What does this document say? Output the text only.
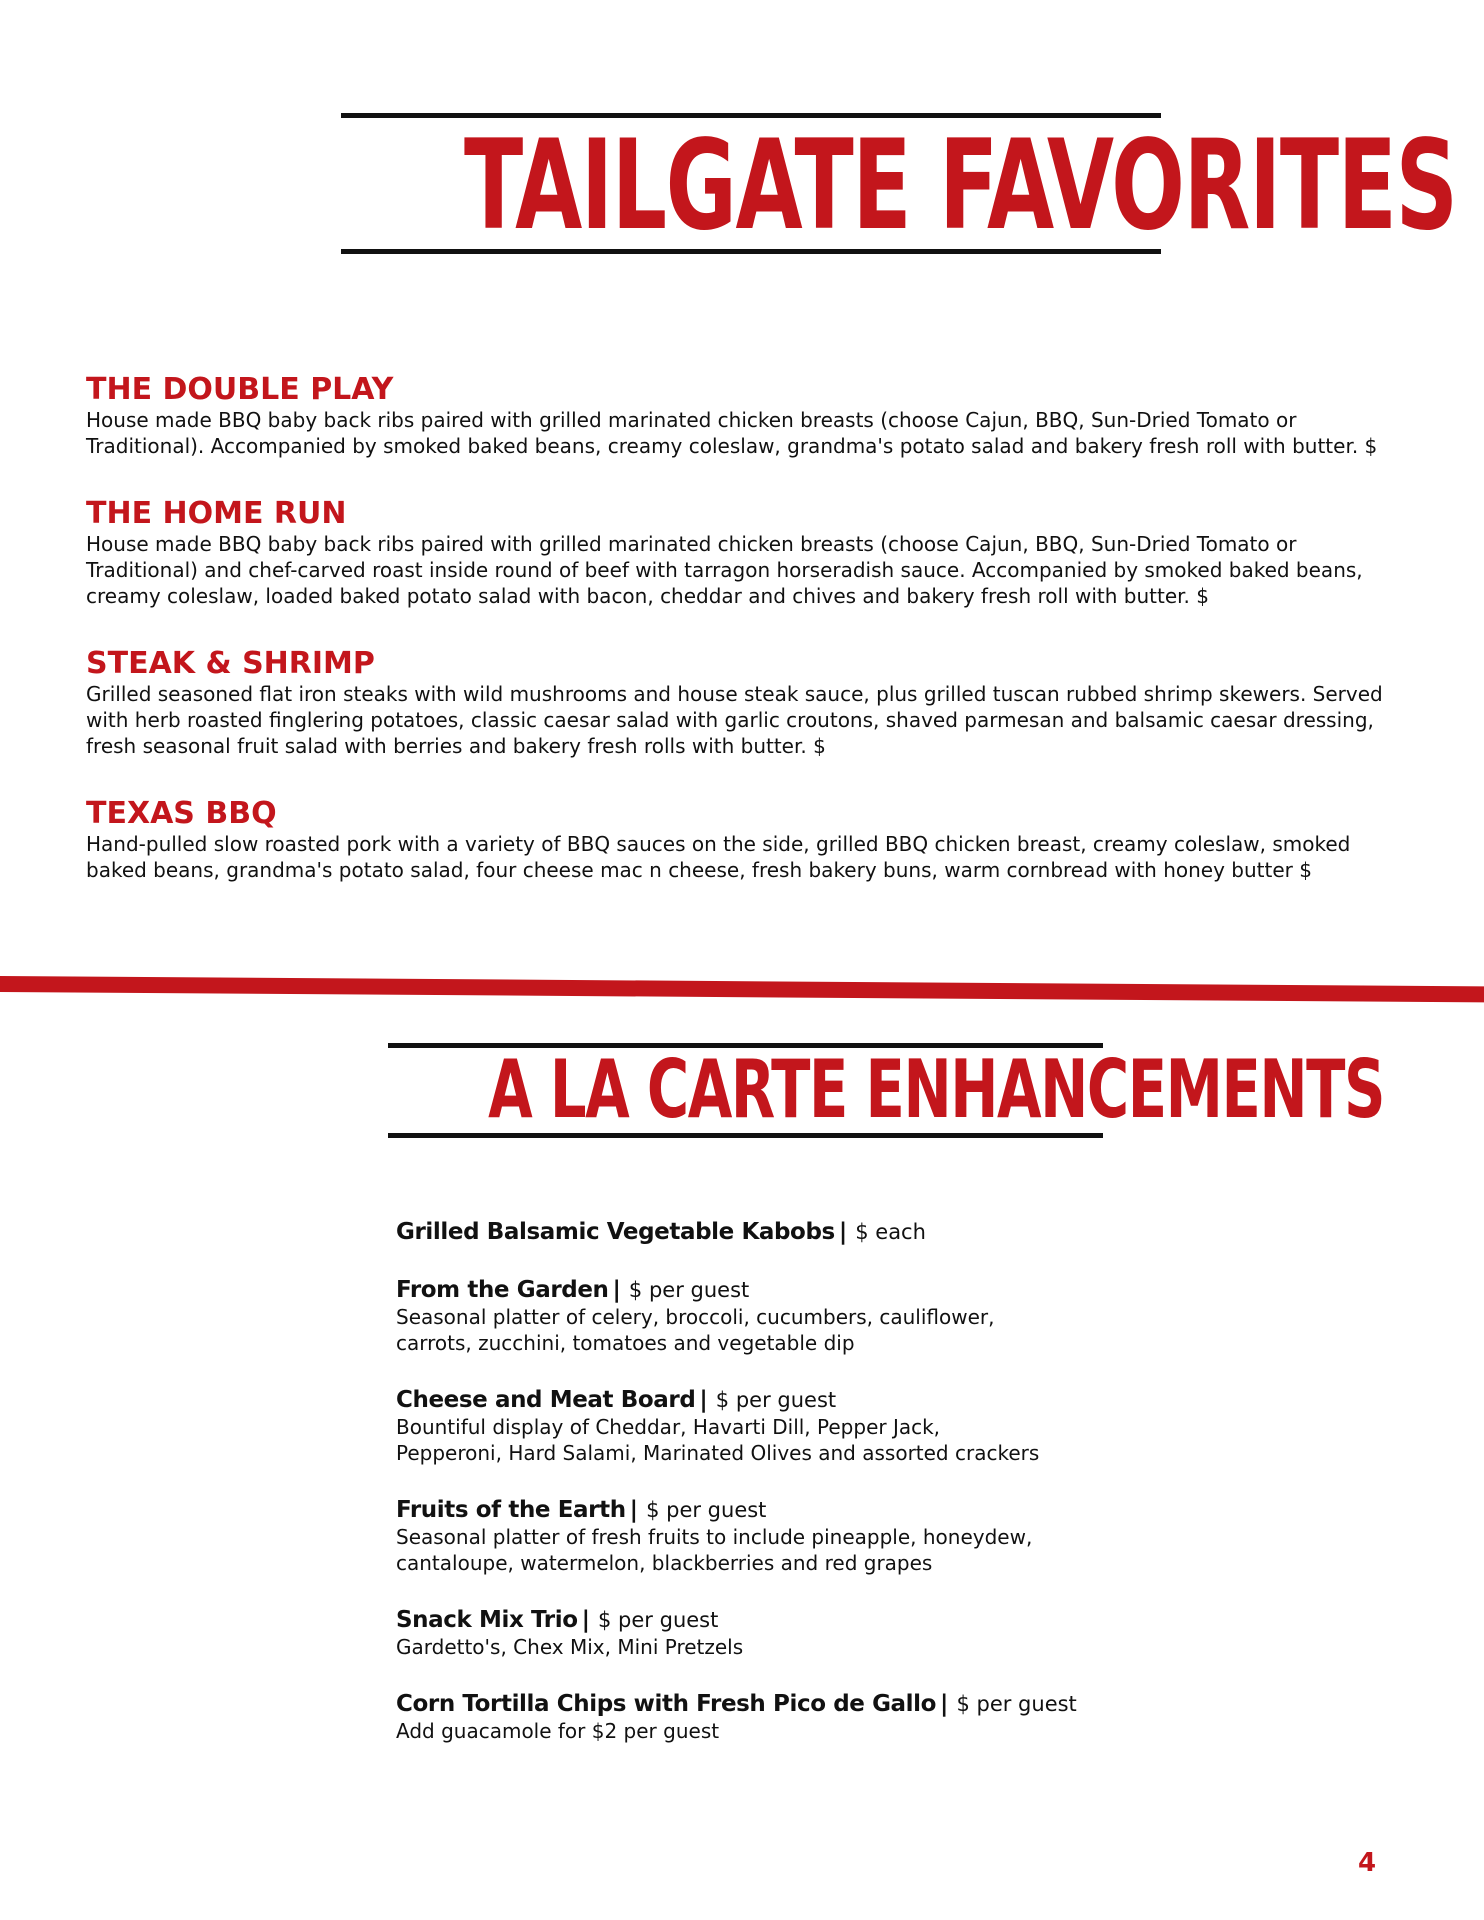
TAILGATE FAVORITES
THE DOUBLE PLAY
House made BBQ baby back ribs paired with grilled marinated chicken breasts (choose Cajun, BBQ, Sun-Dried Tomato or Traditional). Accompanied by smoked baked beans, creamy coleslaw, grandma's potato salad and bakery fresh roll with butter. $
THE HOME RUN
House made BBQ baby back ribs paired with grilled marinated chicken breasts (choose Cajun, BBQ, Sun-Dried Tomato or Traditional) and chef-carved roast inside round of beef with tarragon horseradish sauce. Accompanied by smoked baked beans, creamy coleslaw, loaded baked potato salad with bacon, cheddar and chives and bakery fresh roll with butter. $
STEAK & SHRIMP
Grilled seasoned flat iron steaks with wild mushrooms and house steak sauce, plus grilled tuscan rubbed shrimp skewers. Served with herb roasted finglering potatoes, classic caesar salad with garlic croutons, shaved parmesan and balsamic caesar dressing, fresh seasonal fruit salad with berries and bakery fresh rolls with butter. $
TEXAS BBQ
Hand-pulled slow roasted pork with a variety of BBQ sauces on the side, grilled BBQ chicken breast, creamy coleslaw, smoked baked beans, grandma's potato salad, four cheese mac n cheese, fresh bakery buns, warm cornbread with honey butter $
A LA CARTE ENHANCEMENTS
Grilled Balsamic Vegetable Kabobs | $ each
From the Garden | $ per guest
Seasonal platter of celery, broccoli, cucumbers, cauliflower,
carrots, zucchini, tomatoes and vegetable dip
Cheese and Meat Board | $ per guest
Bountiful display of Cheddar, Havarti Dill, Pepper Jack,
Pepperoni, Hard Salami, Marinated Olives and assorted crackers
Fruits of the Earth | $ per guest
Seasonal platter of fresh fruits to include pineapple, honeydew,
cantaloupe, watermelon, blackberries and red grapes
Snack Mix Trio | $ per guest
Gardetto's, Chex Mix, Mini Pretzels
Corn Tortilla Chips with Fresh Pico de Gallo | $ per guest
Add guacamole for $2 per guest
4
